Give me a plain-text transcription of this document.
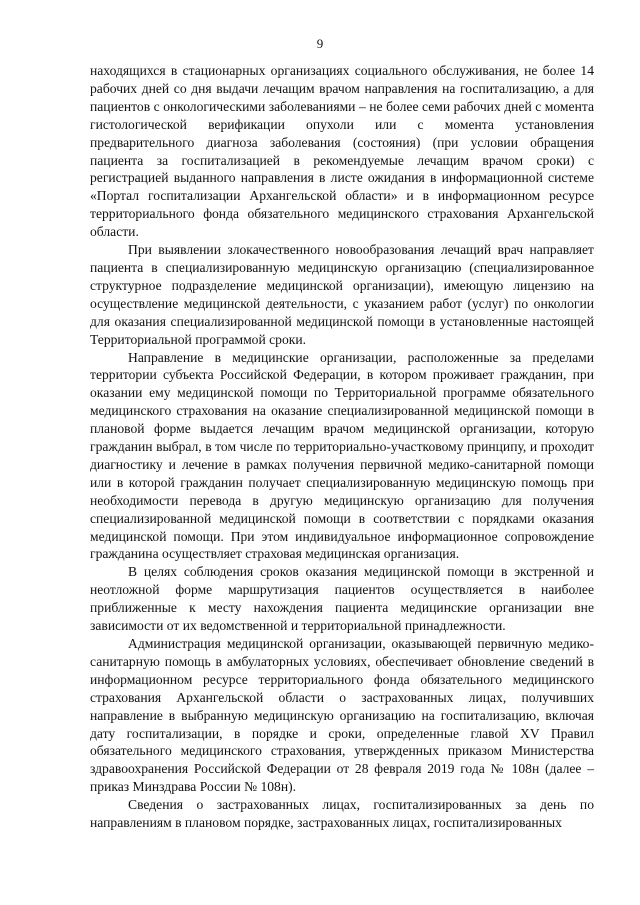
9

находящихся в стационарных организациях социального обслуживания, не более 14 рабочих дней со дня выдачи лечащим врачом направления на госпитализацию, а для пациентов с онкологическими заболеваниями – не более семи рабочих дней с момента гистологической верификации опухоли или с момента установления предварительного диагноза заболевания (состояния) (при условии обращения пациента за госпитализацией в рекомендуемые лечащим врачом сроки) с регистрацией выданного направления в листе ожидания в информационной системе «Портал госпитализации Архангельской области» и в информационном ресурсе территориального фонда обязательного медицинского страхования Архангельской области.

При выявлении злокачественного новообразования лечащий врач направляет пациента в специализированную медицинскую организацию (специализированное структурное подразделение медицинской организации), имеющую лицензию на осуществление медицинской деятельности, с указанием работ (услуг) по онкологии для оказания специализированной медицинской помощи в установленные настоящей Территориальной программой сроки.

Направление в медицинские организации, расположенные за пределами территории субъекта Российской Федерации, в котором проживает гражданин, при оказании ему медицинской помощи по Территориальной программе обязательного медицинского страхования на оказание специализированной медицинской помощи в плановой форме выдается лечащим врачом медицинской организации, которую гражданин выбрал, в том числе по территориально-участковому принципу, и проходит диагностику и лечение в рамках получения первичной медико-санитарной помощи или в которой гражданин получает специализированную медицинскую помощь при необходимости перевода в другую медицинскую организацию для получения специализированной медицинской помощи в соответствии с порядками оказания медицинской помощи. При этом индивидуальное информационное сопровождение гражданина осуществляет страховая медицинская организация.

В целях соблюдения сроков оказания медицинской помощи в экстренной и неотложной форме маршрутизация пациентов осуществляется в наиболее приближенные к месту нахождения пациента медицинские организации вне зависимости от их ведомственной и территориальной принадлежности.

Администрация медицинской организации, оказывающей первичную медико-санитарную помощь в амбулаторных условиях, обеспечивает обновление сведений в информационном ресурсе территориального фонда обязательного медицинского страхования Архангельской области о застрахованных лицах, получивших направление в выбранную медицинскую организацию на госпитализацию, включая дату госпитализации, в порядке и сроки, определенные главой XV Правил обязательного медицинского страхования, утвержденных приказом Министерства здравоохранения Российской Федерации от 28 февраля 2019 года № 108н (далее – приказ Минздрава России № 108н).

Сведения о застрахованных лицах, госпитализированных за день по направлениям в плановом порядке, застрахованных лицах, госпитализированных
